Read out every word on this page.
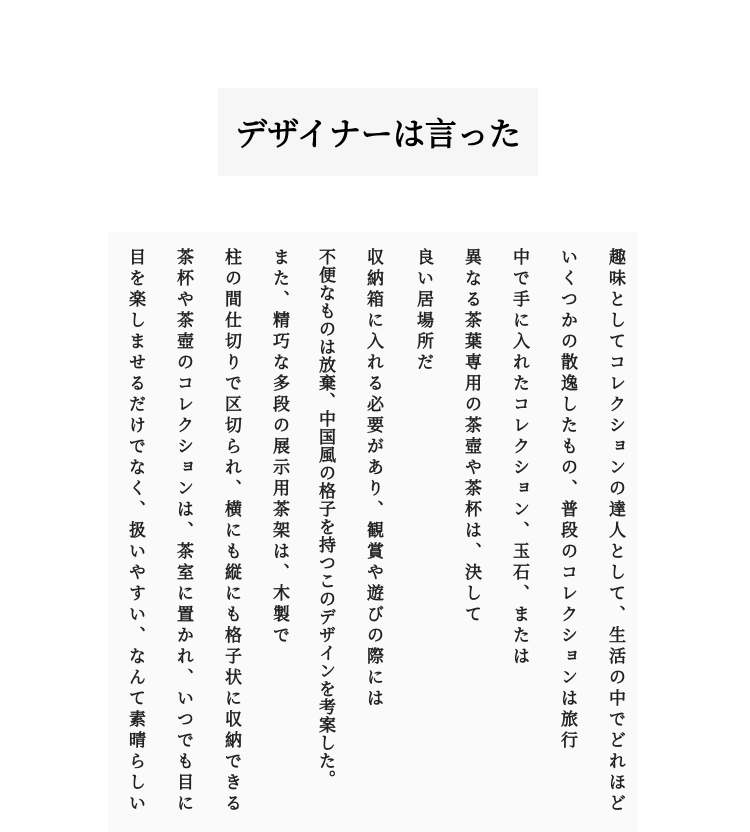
デザイナーは言った
趣味としてコレクションの達人として、生活の中でどれほど
いくつかの散逸したもの、普段のコレクションは旅行
中で手に入れたコレクション、玉石、または
異なる茶葉専用の茶壺や茶杯は、決して
良い居場所だ
収納箱に入れる必要があり、観賞や遊びの際には
不便なものは放棄、中国風の格子を持つこのデザインを考案した。
また、精巧な多段の展示用茶架は、木製で
柱の間仕切りで区切られ、横にも縦にも格子状に収納できる
茶杯や茶壺のコレクションは、茶室に置かれ、いつでも目に
目を楽しませるだけでなく、扱いやすい、なんて素晴らしい
